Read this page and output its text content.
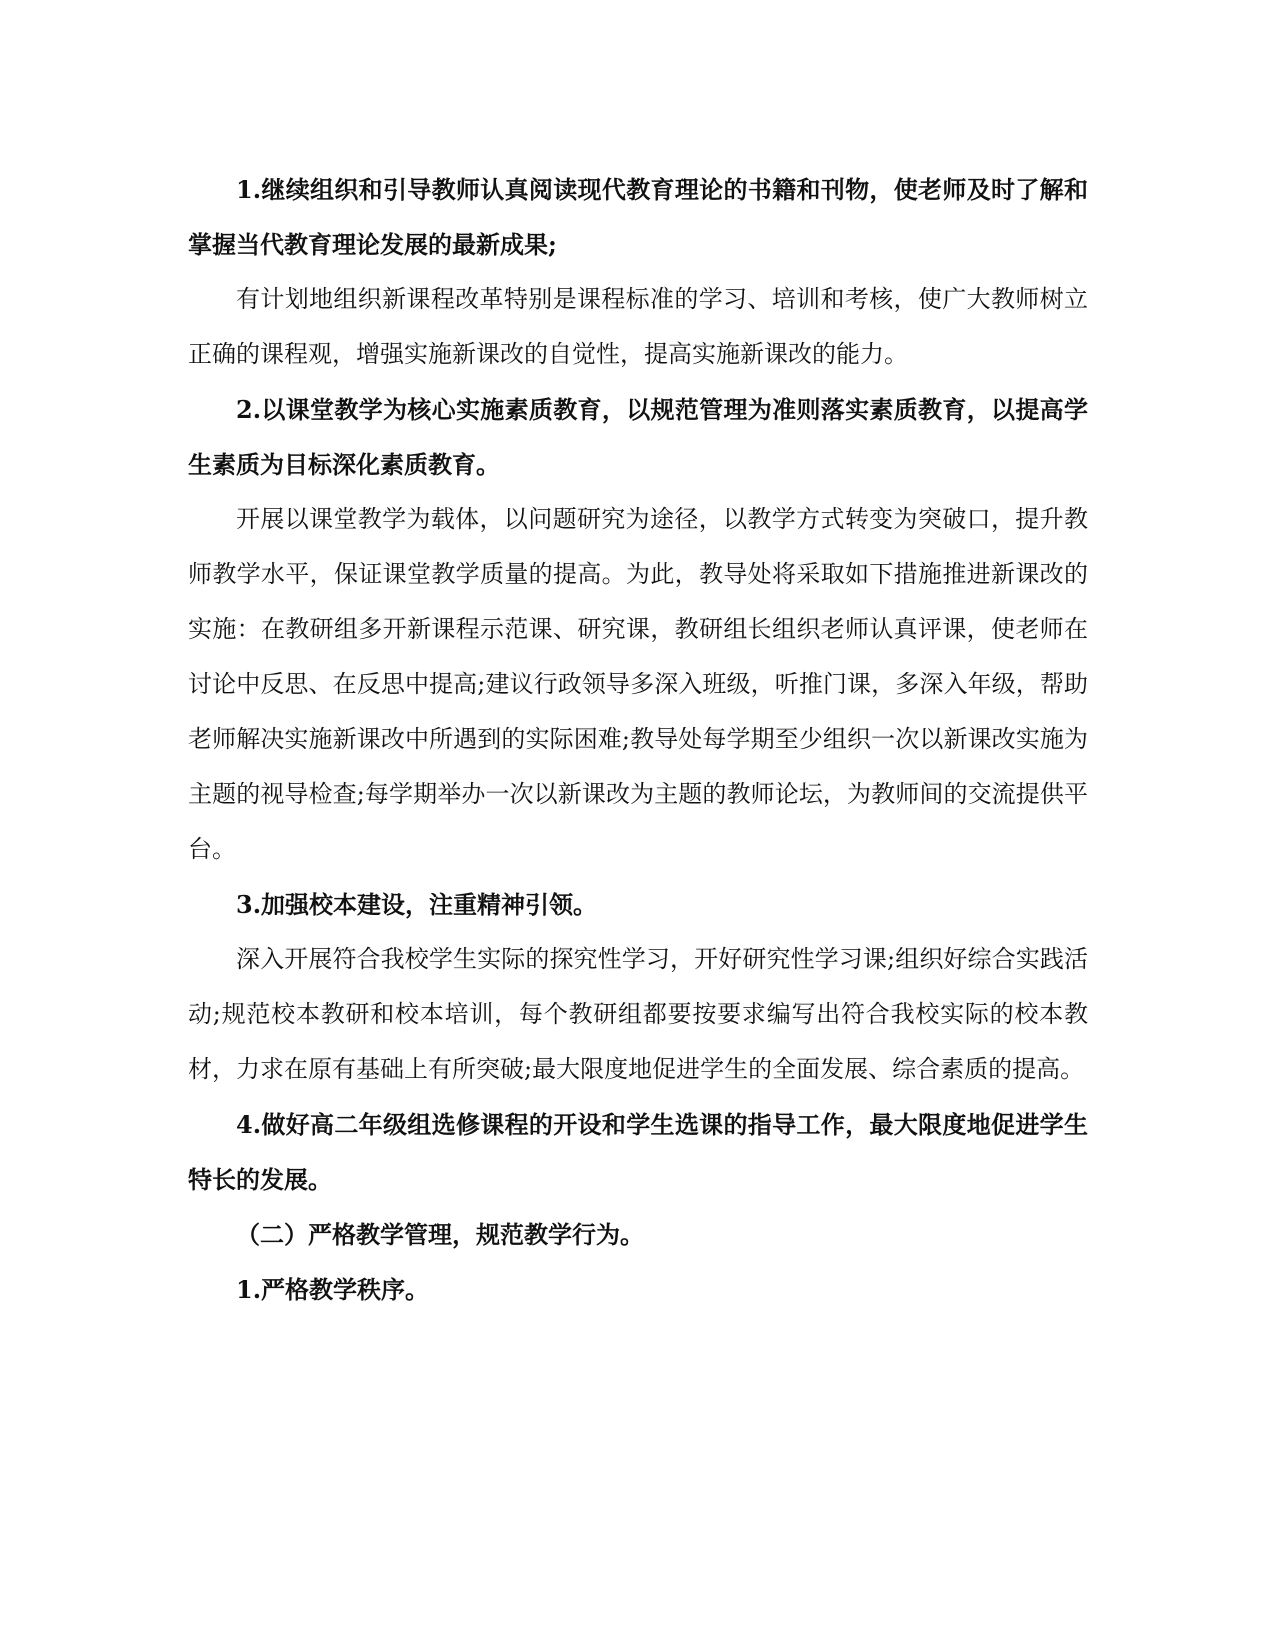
1.继续组织和引导教师认真阅读现代教育理论的书籍和刊物，使老师及时了解和掌握当代教育理论发展的最新成果;

有计划地组织新课程改革特别是课程标准的学习、培训和考核，使广大教师树立正确的课程观，增强实施新课改的自觉性，提高实施新课改的能力。

2.以课堂教学为核心实施素质教育，以规范管理为准则落实素质教育，以提高学生素质为目标深化素质教育。

开展以课堂教学为载体，以问题研究为途径，以教学方式转变为突破口，提升教师教学水平，保证课堂教学质量的提高。为此，教导处将采取如下措施推进新课改的实施：在教研组多开新课程示范课、研究课，教研组长组织老师认真评课，使老师在讨论中反思、在反思中提高;建议行政领导多深入班级，听推门课，多深入年级，帮助老师解决实施新课改中所遇到的实际困难;教导处每学期至少组织一次以新课改实施为主题的视导检查;每学期举办一次以新课改为主题的教师论坛，为教师间的交流提供平台。

3.加强校本建设，注重精神引领。

深入开展符合我校学生实际的探究性学习，开好研究性学习课;组织好综合实践活动;规范校本教研和校本培训，每个教研组都要按要求编写出符合我校实际的校本教材，力求在原有基础上有所突破;最大限度地促进学生的全面发展、综合素质的提高。

4.做好高二年级组选修课程的开设和学生选课的指导工作，最大限度地促进学生特长的发展。

（二）严格教学管理，规范教学行为。

1.严格教学秩序。
